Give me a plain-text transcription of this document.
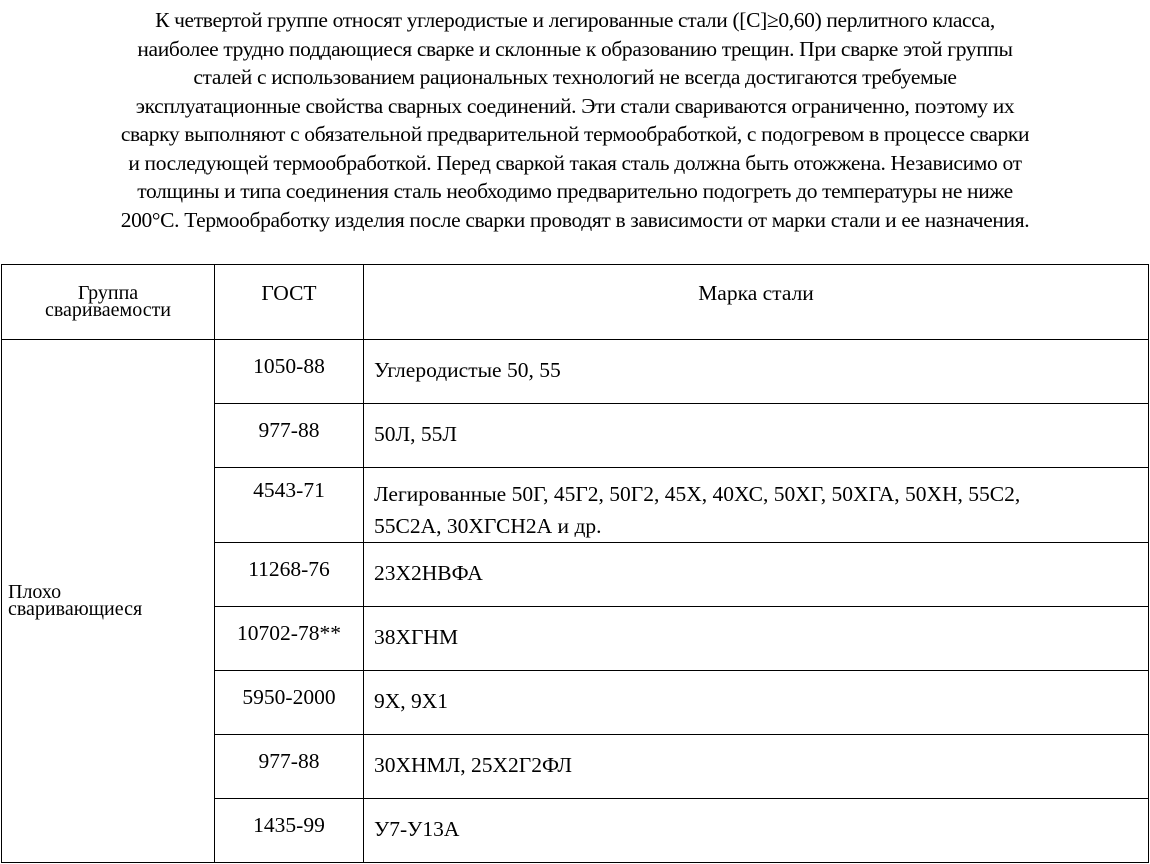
К четвертой группе относят углеродистые и легированные стали ([C]≥0,60) перлитного класса,
наиболее трудно поддающиеся сварке и склонные к образованию трещин. При сварке этой группы
сталей с использованием рациональных технологий не всегда достигаются требуемые
эксплуатационные свойства сварных соединений. Эти стали свариваются ограниченно, поэтому их
сварку выполняют с обязательной предварительной термообработкой, с подогревом в процессе сварки
и последующей термообработкой. Перед сваркой такая сталь должна быть отожжена. Независимо от
толщины и типа соединения сталь необходимо предварительно подогреть до температуры не ниже
200°С. Термообработку изделия после сварки проводят в зависимости от марки стали и ее назначения.

Группа
свариваемости	ГОСТ	Марка стали

Плохо
сваривающиеся	1050-88	Углеродистые 50, 55
	977-88	50Л, 55Л
	4543-71	Легированные 50Г, 45Г2, 50Г2, 45Х, 40ХС, 50ХГ, 50ХГА, 50ХН, 55С2,
55С2А, 30ХГСН2А и др.

	11268-76	23Х2НВФА
	10702-78**	38ХГНМ
	5950-2000	9Х, 9Х1
	977-88	30ХНМЛ, 25Х2Г2ФЛ
	1435-99	У7-У13А
